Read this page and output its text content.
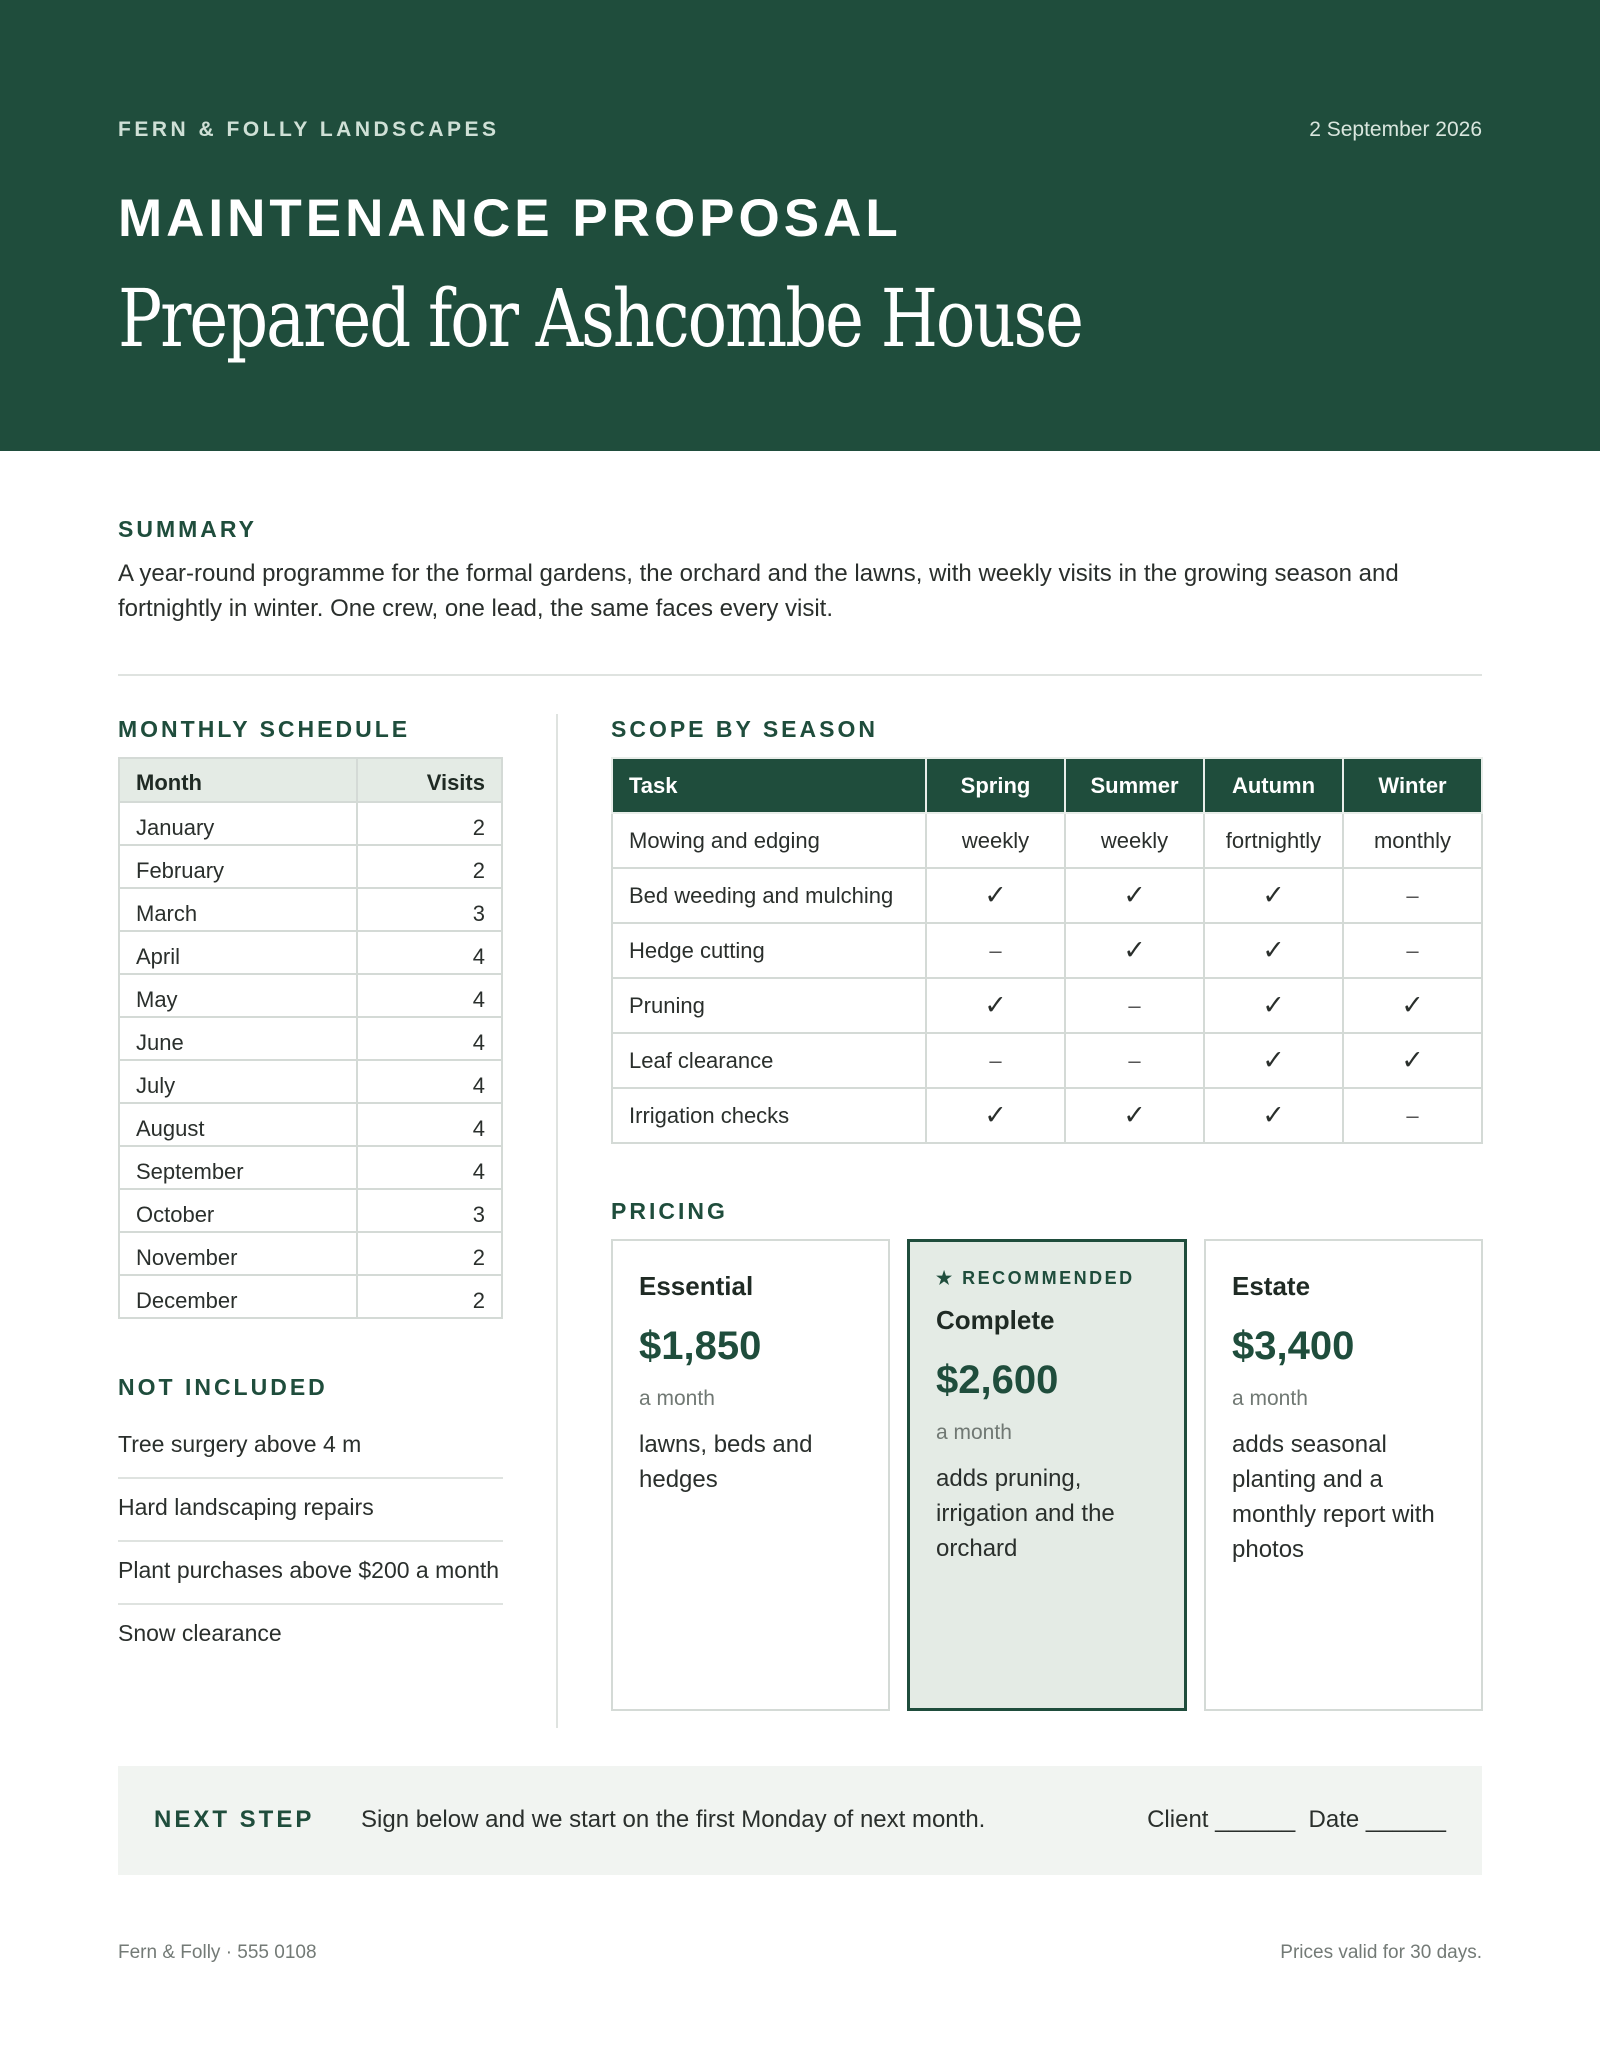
FERN & FOLLY LANDSCAPES	2 September 2026
MAINTENANCE PROPOSAL
Prepared for Ashcombe House
SUMMARY

A year-round programme for the formal gardens, the orchard and the lawns, with weekly visits in the growing season and fortnightly in winter. One crew, one lead, the same faces every visit.

MONTHLY SCHEDULE
Month	Visits
January	2
February	2
March	3
April	4
May	4
June	4
July	4
August	4
September	4
October	3
November	2
December	2
NOT INCLUDED
Tree surgery above 4 m
Hard landscaping repairs
Plant purchases above $200 a month
Snow clearance
SCOPE BY SEASON
Task	Spring	Summer	Autumn	Winter
Mowing and edging	weekly	weekly	fortnightly	monthly
Bed weeding and mulching	✓	✓	✓	–
Hedge cutting	–	✓	✓	–
Pruning	✓	–	✓	✓
Leaf clearance	–	–	✓	✓
Irrigation checks	✓	✓	✓	–
PRICING
Essential
$1,850
a month
lawns, beds and hedges
★ RECOMMENDED
Complete
$2,600
a month
adds pruning, irrigation and the orchard
Estate
$3,400
a month
adds seasonal planting and a monthly report with photos
NEXT STEP Sign below and we start on the first Monday of next month.	Client ______  Date ______
Fern & Folly · 555 0108	Prices valid for 30 days.
